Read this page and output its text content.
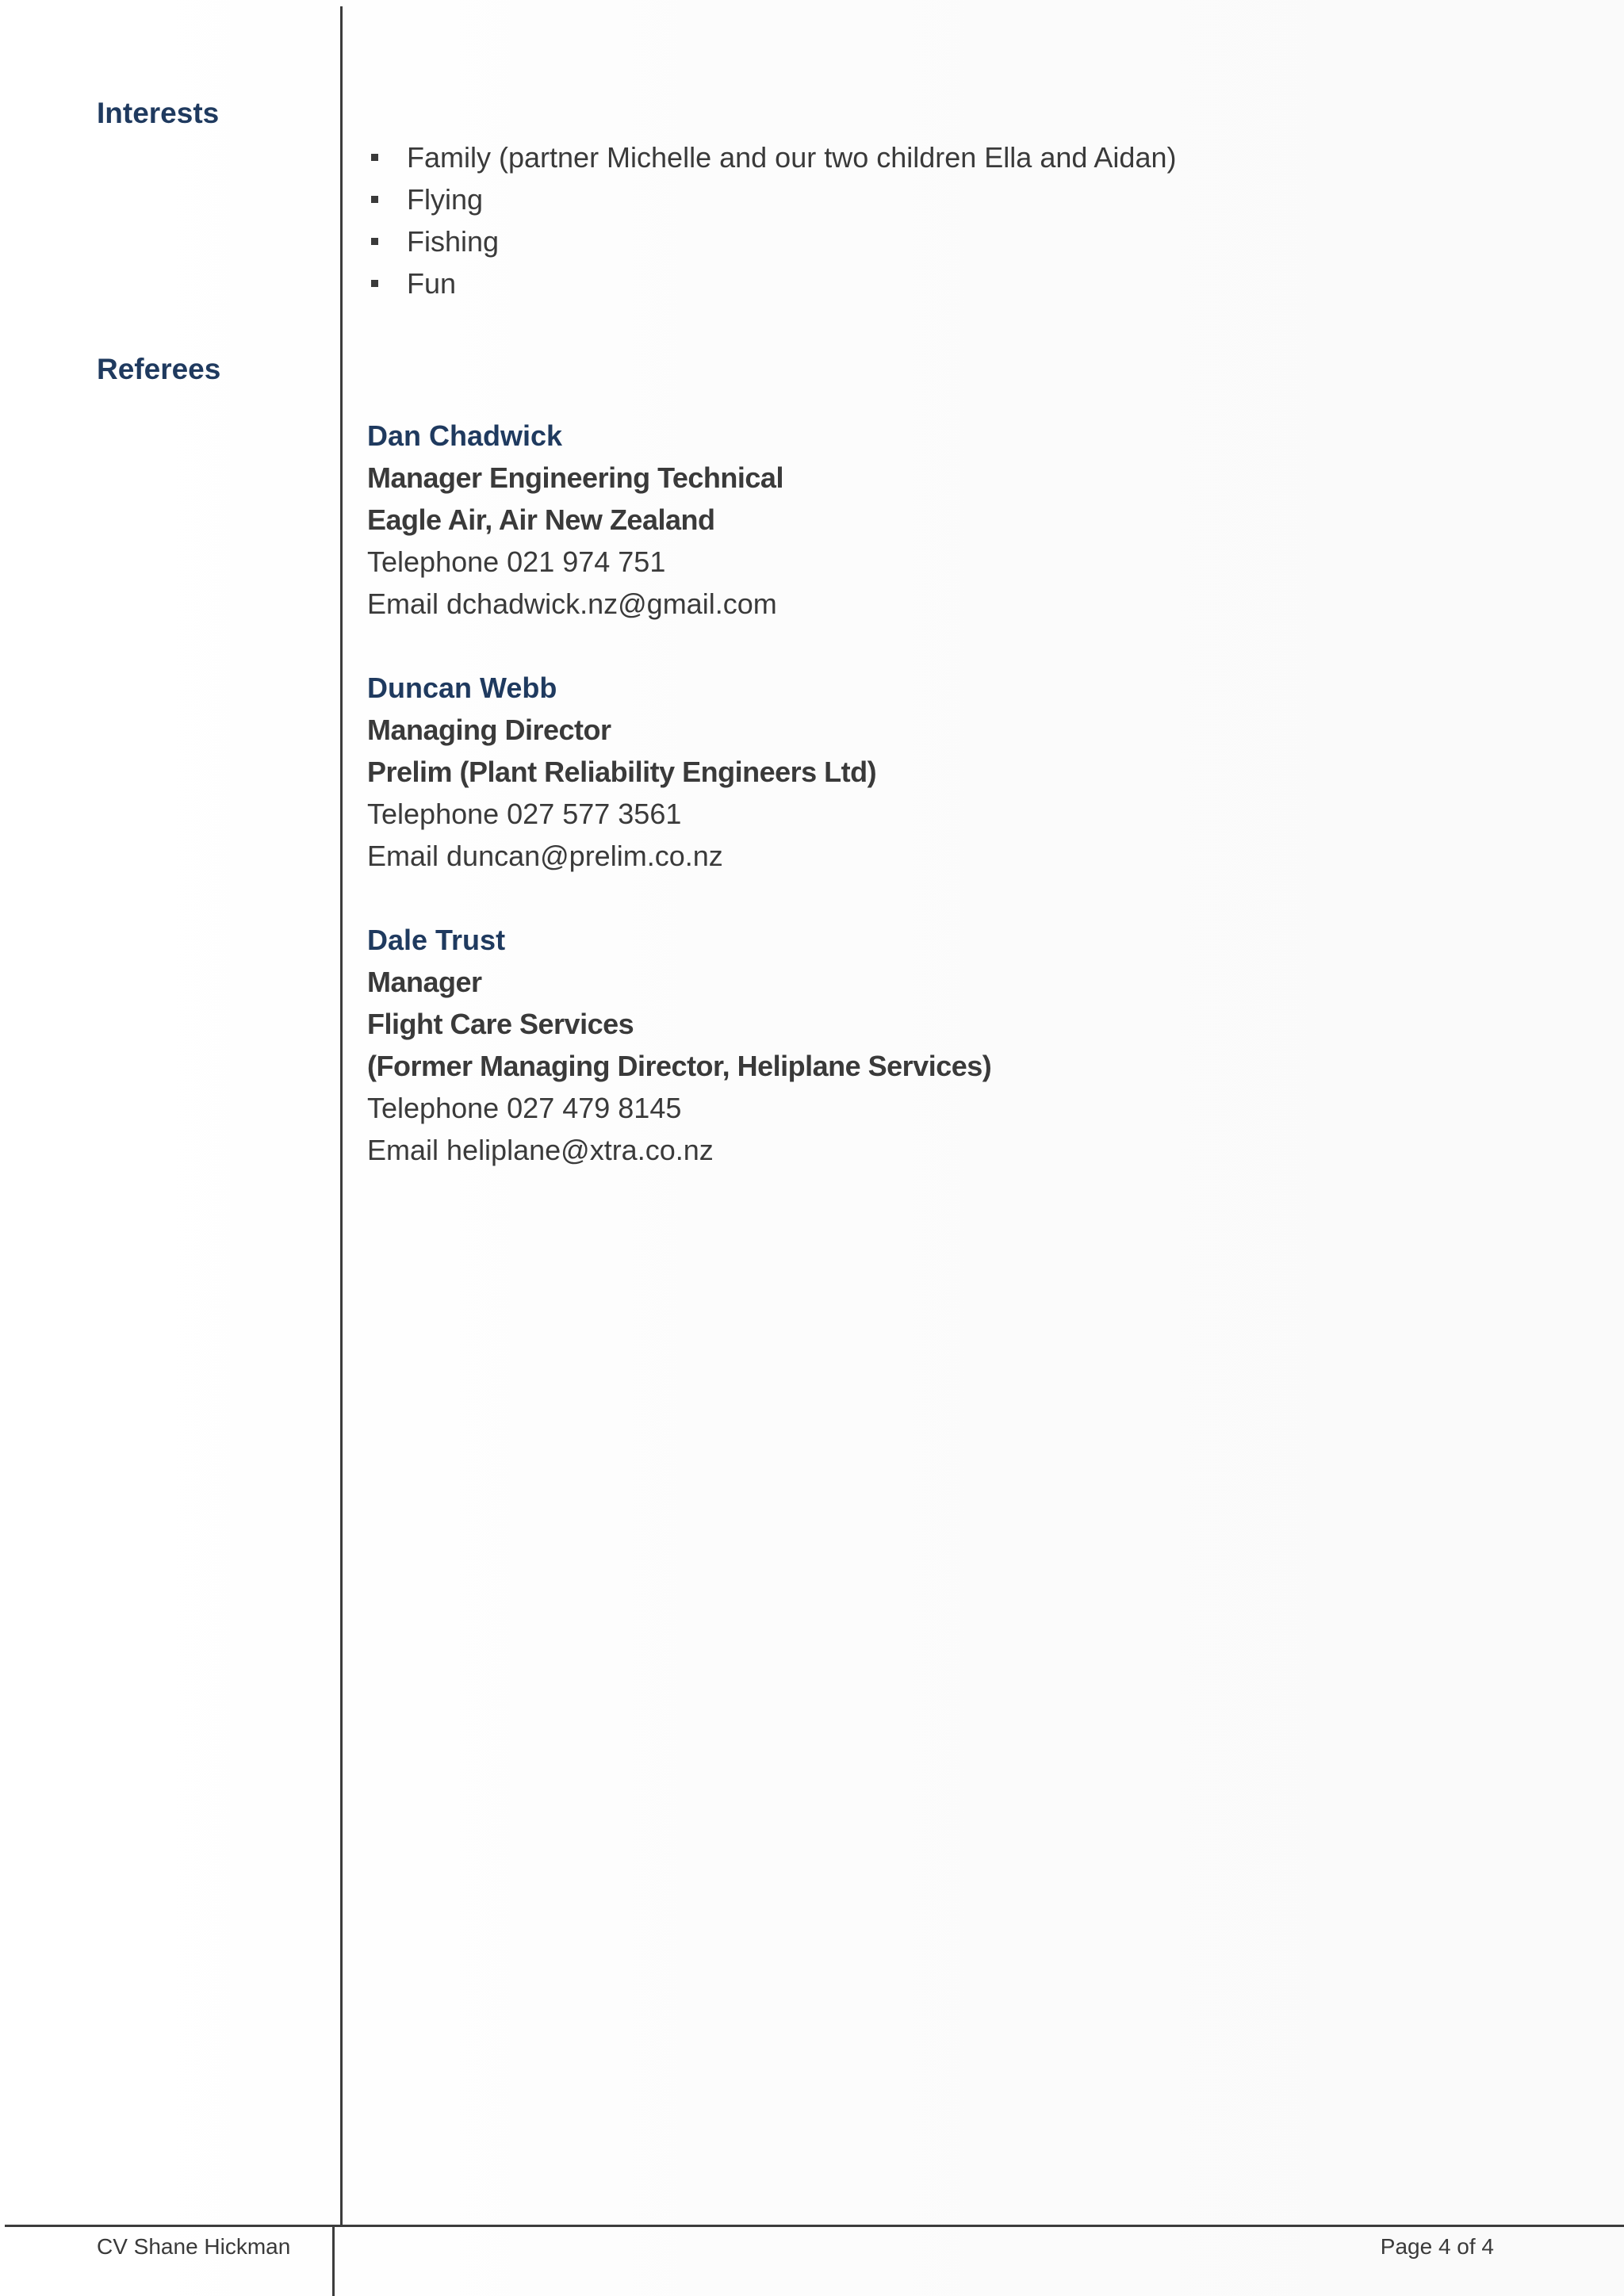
Interests
Family (partner Michelle and our two children Ella and Aidan)
Flying
Fishing
Fun
Referees
Dan Chadwick
Manager Engineering Technical
Eagle Air, Air New Zealand
Telephone 021 974 751
Email dchadwick.nz@gmail.com
Duncan Webb
Managing Director
Prelim (Plant Reliability Engineers Ltd)
Telephone 027 577 3561
Email duncan@prelim.co.nz
Dale Trust
Manager
Flight Care Services
(Former Managing Director, Heliplane Services)
Telephone 027 479 8145
Email heliplane@xtra.co.nz
CV Shane Hickman	Page 4 of 4
